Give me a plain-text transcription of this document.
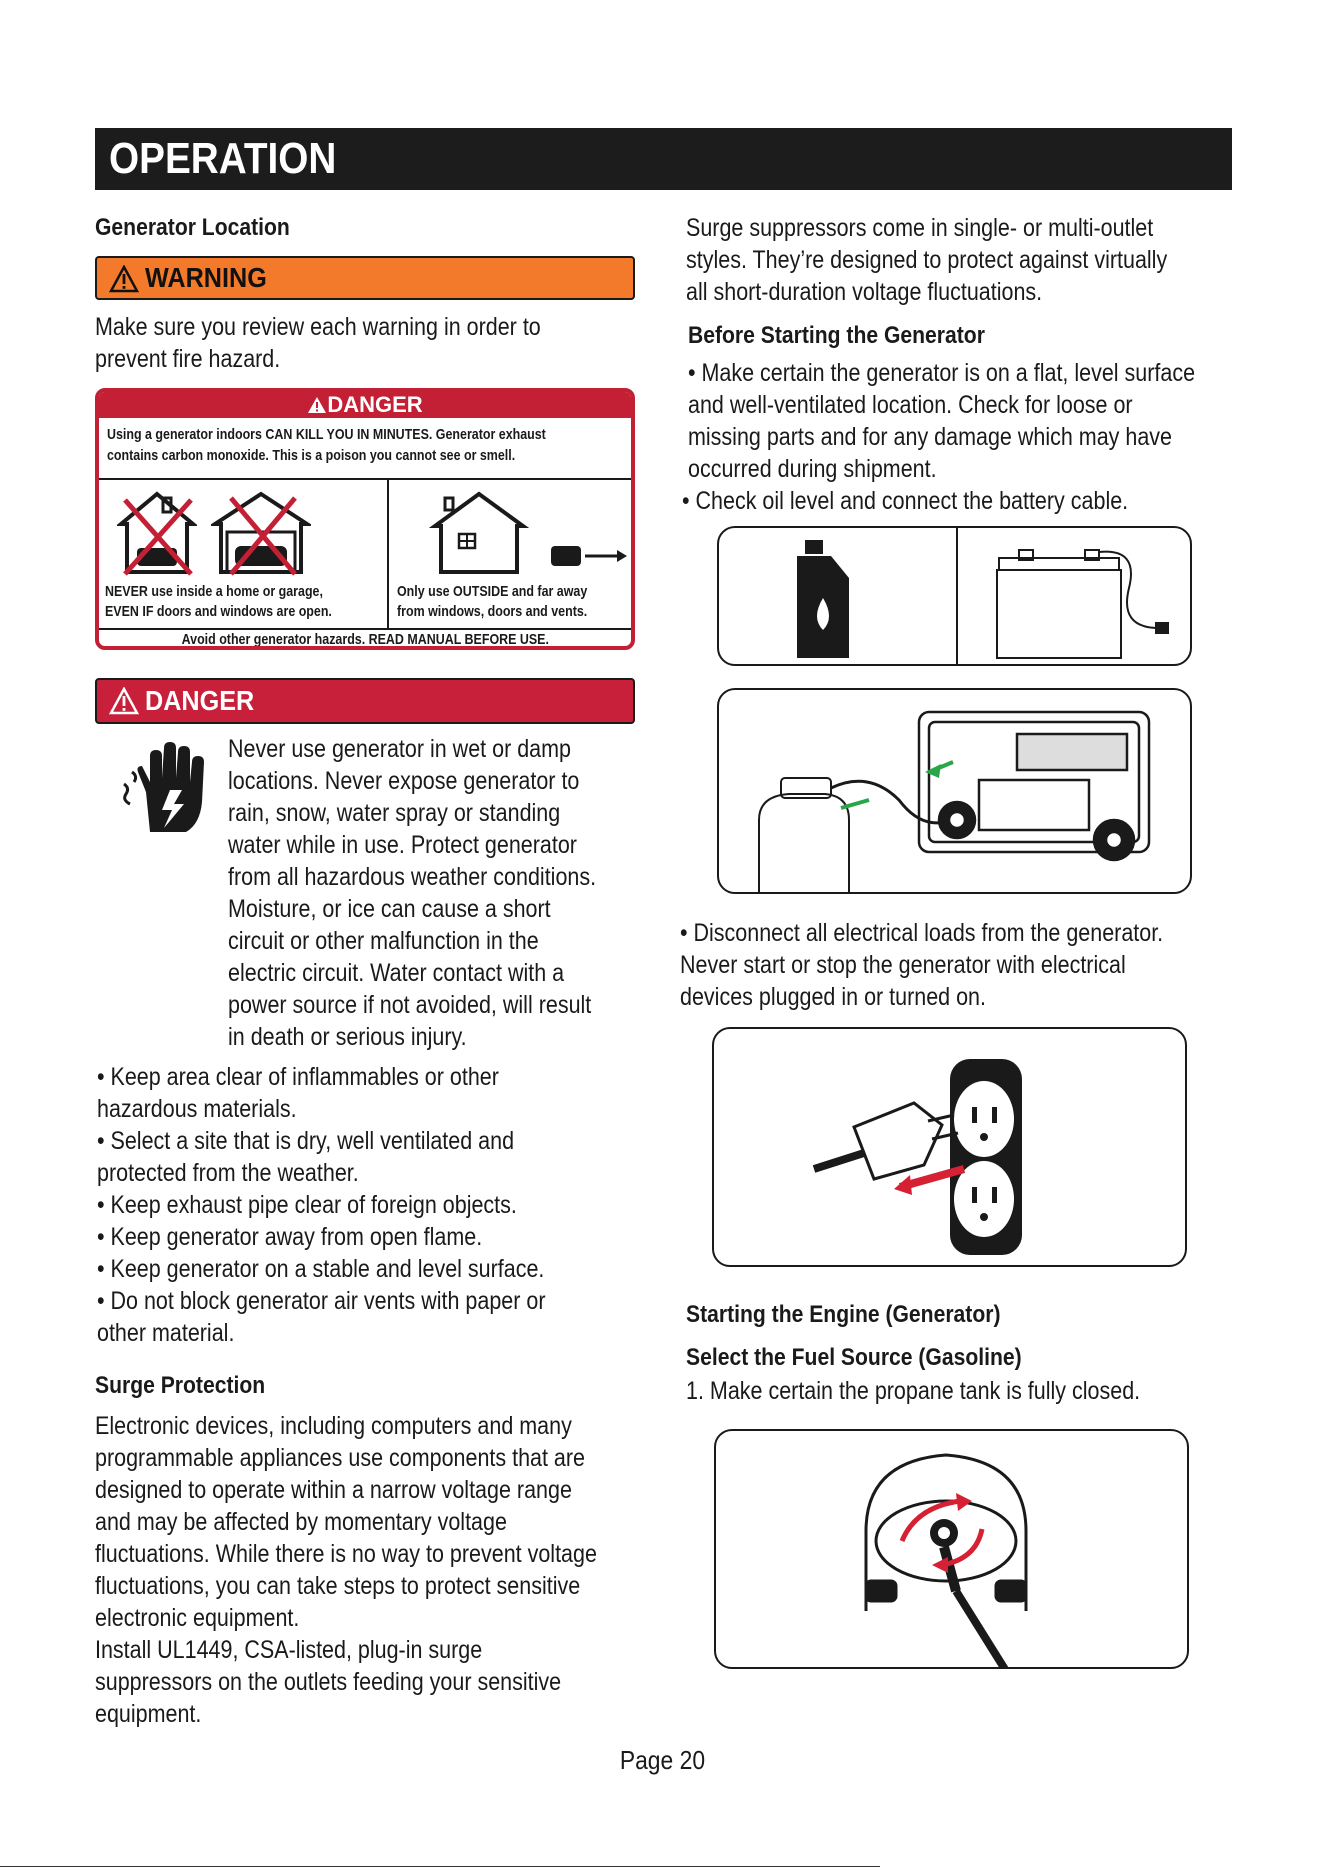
OPERATION
Generator Location
WARNING
Make sure you review each warning in order to
prevent fire hazard.
DANGER
Using a generator indoors CAN KILL YOU IN MINUTES. Generator exhaust
contains carbon monoxide. This is a poison you cannot see or smell.
NEVER use inside a home or garage,
EVEN IF doors and windows are open.
Only use OUTSIDE and far away
from windows, doors and vents.
Avoid other generator hazards. READ MANUAL BEFORE USE.
DANGER
Never use generator in wet or damp
locations. Never expose generator to
rain, snow, water spray or standing
water while in use. Protect generator
from all hazardous weather conditions.
Moisture, or ice can cause a short
circuit or other malfunction in the
electric circuit. Water contact with a
power source if not avoided, will result
in death or serious injury.
• Keep area clear of inflammables or other
hazardous materials.
• Select a site that is dry, well ventilated and
protected from the weather.
• Keep exhaust pipe clear of foreign objects.
• Keep generator away from open flame.
• Keep generator on a stable and level surface.
• Do not block generator air vents with paper or
other material.
Surge Protection
Electronic devices, including computers and many
programmable appliances use components that are
designed to operate within a narrow voltage range
and may be affected by momentary voltage
fluctuations. While there is no way to prevent voltage
fluctuations, you can take steps to protect sensitive
electronic equipment.
Install UL1449, CSA-listed, plug-in surge
suppressors on the outlets feeding your sensitive
equipment.
Surge suppressors come in single- or multi-outlet
styles. They’re designed to protect against virtually
all short-duration voltage fluctuations.
Before Starting the Generator
• Make certain the generator is on a flat, level surface
and well-ventilated location. Check for loose or
missing parts and for any damage which may have
occurred during shipment.
• Check oil level and connect the battery cable.
• Disconnect all electrical loads from the generator.
Never start or stop the generator with electrical
devices plugged in or turned on.
Starting the Engine (Generator)
Select the Fuel Source (Gasoline)
1. Make certain the propane tank is fully closed.
Page 20
